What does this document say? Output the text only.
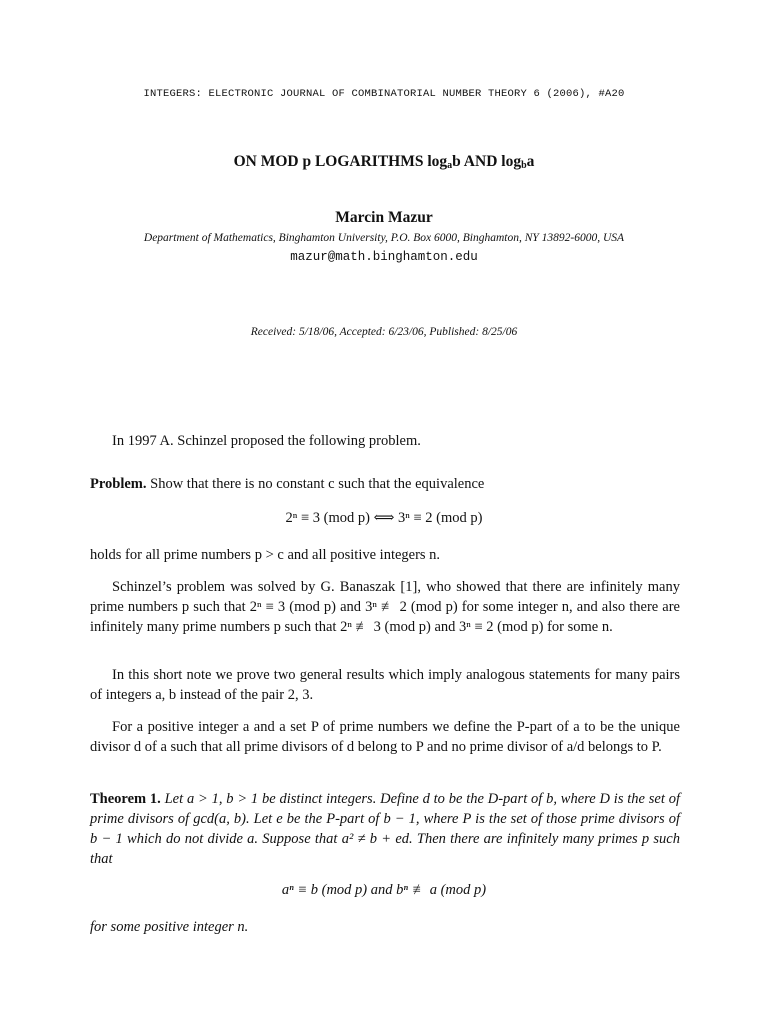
INTEGERS: ELECTRONIC JOURNAL OF COMBINATORIAL NUMBER THEORY 6 (2006), #A20
ON MOD p LOGARITHMS $\log_ab$ AND $\log_ba$
Marcin Mazur
Department of Mathematics, Binghamton University, P.O. Box 6000, Binghamton, NY 13892-6000, USA
mazur@math.binghamton.edu
Received: 5/18/06, Accepted: 6/23/06, Published: 8/25/06
In 1997 A. Schinzel proposed the following problem.
Problem. Show that there is no constant c such that the equivalence
2ⁿ ≡ 3 (mod p) ⟺ 3ⁿ ≡ 2 (mod p)
holds for all prime numbers p > c and all positive integers n.
Schinzel’s problem was solved by G. Banaszak [1], who showed that there are infinitely many prime numbers p such that 2ⁿ ≡ 3 (mod p) and 3ⁿ ≢ 2 (mod p) for some integer n, and also there are infinitely many prime numbers p such that 2ⁿ ≢ 3 (mod p) and 3ⁿ ≡ 2 (mod p) for some n.
In this short note we prove two general results which imply analogous statements for many pairs of integers a, b instead of the pair 2, 3.
For a positive integer a and a set P of prime numbers we define the P-part of a to be the unique divisor d of a such that all prime divisors of d belong to P and no prime divisor of a/d belongs to P.
Theorem 1. Let a > 1, b > 1 be distinct integers. Define d to be the D-part of b, where D is the set of prime divisors of gcd(a, b). Let e be the P-part of b − 1, where P is the set of those prime divisors of b − 1 which do not divide a. Suppose that a² ≠ b + ed. Then there are infinitely many primes p such that
aⁿ ≡ b (mod p) and bⁿ ≢ a (mod p)
for some positive integer n.
